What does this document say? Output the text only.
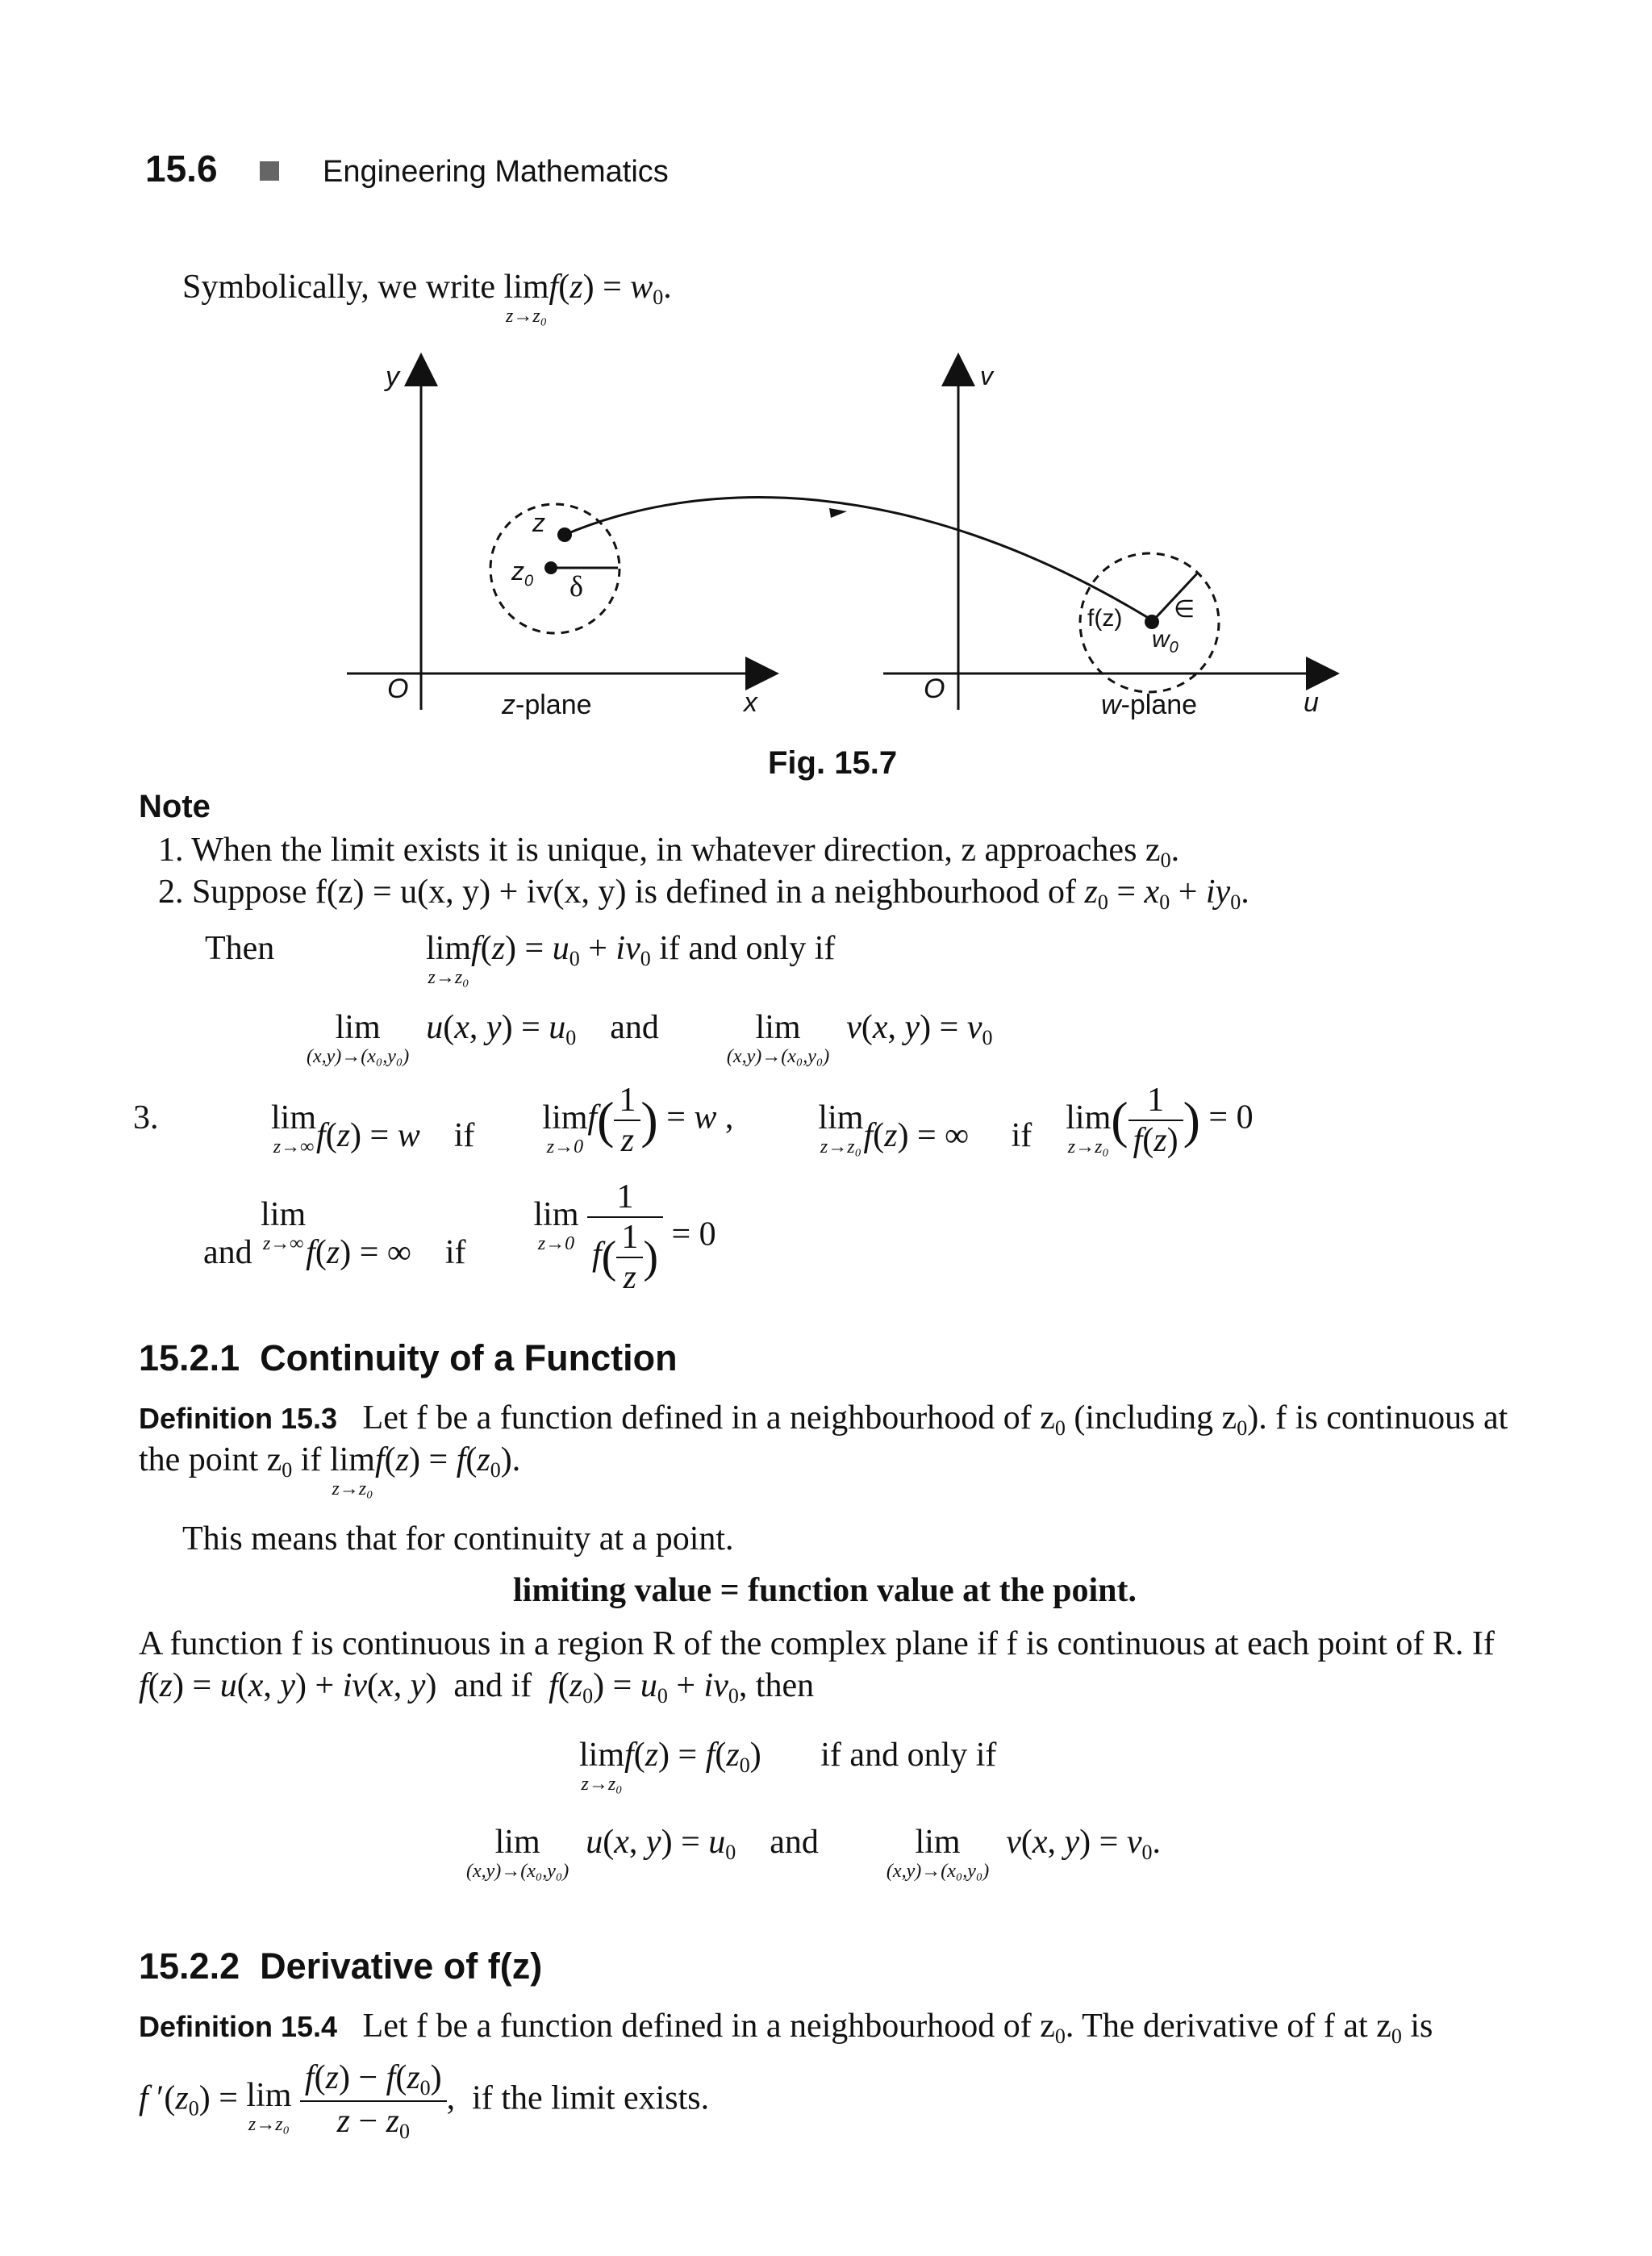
15.6	Engineering Mathematics
Symbolically, we write lim
z→z₀
$f(z) = w_0$.
y
O	x
z
$z_0$ δ
z-plane
v
O	u
f(z)
$w_0$
∈
w-plane
Fig. 15.7
Note
1. When the limit exists it is unique, in whatever direction, z approaches $z_0$.
2. Suppose f(z) = u(x, y) + iv(x, y) is defined in a neighbourhood of $z_0 = x_0 + iy_0$.
Then	lim
z→z₀
$f(z) = u_0 + iv_0$ if and only if
lim
(x,y)→(x₀,y₀)
u(x, $y) = u_0$ and	lim
(x,y)→(x₀,y₀)
v(x, $y) = v_0$
3.	lim
z→∞ f(z) = w if lim
z→0
$f( \frac{1}{z}$ ) = w ,          lim
z→z₀ f(z) = ∞ if lim
z→z₀ ( $\frac{1}{f(z)}$ ) = 0
and lim
z→∞ f(z) = ∞ if        lim
z→0
$\frac{1}{f( \frac{1}{z} )} = 0$
15.2.1 Continuity of a Function
Definition 15.3 Let f be a function defined in a neighbourhood of $z_0$ (including $z_0$). f is continuous at
the point $z_0$ if lim
z→z₀
$f(z) = f(z_0)$.
This means that for continuity at a point.
limiting value = function value at the point.
A function f is continuous in a region R of the complex plane if f is continuous at each point of R. If
f(z) = u(x, y) + iv(x, y)  and if $f(z_0) = u_0 + iv_0$, then
lim
z→z₀
$f(z) = f(z_0)$       if and only if
lim
(x,y)→(x₀,y₀)
u(x, $y) = u_0$ and	lim
(x,y)→(x₀,y₀)
v(x, $y) = v_0$.
15.2.2 Derivative of f(z)
Definition 15.4 Let f be a function defined in a neighbourhood of $z_0$. The derivative of f at $z_0$ is
f $'(z_0) = \lim$
z→z₀
$\frac{f(z) - f(z_0)}{z - z_0}$ ,  if the limit exists.
